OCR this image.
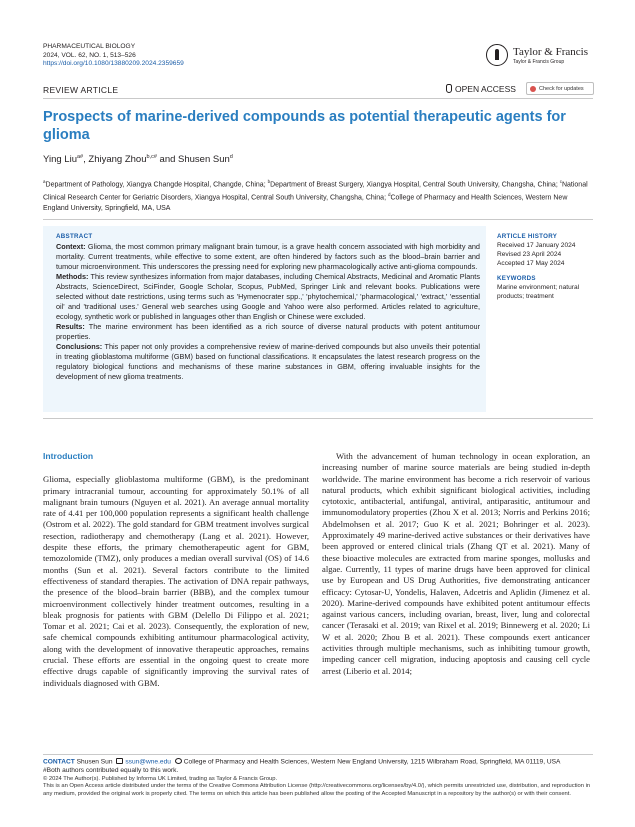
PHARMACEUTICAL BIOLOGY
2024, VOL. 62, NO. 1, 513–526
https://doi.org/10.1080/13880209.2024.2359659
Taylor & Francis
Taylor & Francis Group
REVIEW ARTICLE	OPEN ACCESS	Check for updates
Prospects of marine-derived compounds as potential therapeutic agents for glioma
Ying Liu$^{a\#}$, Zhiyang Zhou$^{b,c\#}$ and Shusen Sun$^d$
$^a$Department of Pathology, Xiangya Changde Hospital, Changde, China; $^b$Department of Breast Surgery, Xiangya Hospital, Central South University, Changsha, China; $^c$National Clinical Research Center for Geriatric Disorders, Xiangya Hospital, Central South University, Changsha, China; $^d$College of Pharmacy and Health Sciences, Western New England University, Springfield, MA, USA
ABSTRACT
Context: Glioma, the most common primary malignant brain tumour, is a grave health concern associated with high morbidity and mortality. Current treatments, while effective to some extent, are often hindered by factors such as the blood–brain barrier and tumour microenvironment. This underscores the pressing need for exploring new pharmacologically active anti-glioma compounds.
Methods: This review synthesizes information from major databases, including Chemical Abstracts, Medicinal and Aromatic Plants Abstracts, ScienceDirect, SciFinder, Google Scholar, Scopus, PubMed, Springer Link and relevant books. Publications were selected without date restrictions, using terms such as 'Hymenocrater spp.,' 'phytochemical,' 'pharmacological,' 'extract,' 'essential oil' and 'traditional uses.' General web searches using Google and Yahoo were also performed. Articles related to agriculture, ecology, synthetic work or published in languages other than English or Chinese were excluded.
Results: The marine environment has been identified as a rich source of diverse natural products with potent antitumour properties.
Conclusions: This paper not only provides a comprehensive review of marine-derived compounds but also unveils their potential in treating glioblastoma multiforme (GBM) based on functional classifications. It encapsulates the latest research progress on the regulatory biological functions and mechanisms of these marine substances in GBM, offering invaluable insights for the development of new glioma treatments.
ARTICLE HISTORY
Received 17 January 2024
Revised 23 April 2024
Accepted 17 May 2024
KEYWORDS
Marine environment; natural products; treatment
Introduction
Glioma, especially glioblastoma multiforme (GBM), is the predominant primary intracranial tumour, accounting for approximately 50.1% of all malignant brain tumours (Nguyen et al. 2021). An average annual mortality rate of 4.41 per 100,000 population represents a significant health challenge (Ostrom et al. 2022). The gold standard for GBM treatment involves surgical resection, radiotherapy and chemotherapy (Lang et al. 2021). However, despite these efforts, the primary chemotherapeutic agent for GBM, temozolomide (TMZ), only produces a median overall survival (OS) of 14.6 months (Sun et al. 2021). Several factors contribute to the limited effectiveness of standard therapies. The activation of DNA repair pathways, the presence of the blood–brain barrier (BBB), and the complex tumour microenvironment collectively hinder treatment outcomes, resulting in a bleak prognosis for patients with GBM (Delello Di Filippo et al. 2021; Tomar et al. 2021; Cai et al. 2023). Consequently, the exploration of new, safe chemical compounds exhibiting antitumour pharmacological activity, along with the development of innovative therapeutic approaches, remains crucial. These efforts are essential in the ongoing quest to create more effective drugs capable of significantly improving the survival rates of individuals diagnosed with GBM.
With the advancement of human technology in ocean exploration, an increasing number of marine source materials are being studied in-depth worldwide. The marine environment has become a rich reservoir of various natural products, which exhibit significant biological activities, including cytotoxic, antibacterial, antifungal, antiviral, antiparasitic, antitumour and immunomodulatory properties (Zhou X et al. 2013; Norris and Perkins 2016; Abdelmohsen et al. 2017; Guo K et al. 2021; Bohringer et al. 2023). Approximately 49 marine-derived active substances or their derivatives have been approved or entered clinical trials (Zhang QT et al. 2021). Many of these bioactive molecules are extracted from marine sponges, mollusks and algae. Currently, 11 types of marine drugs have been approved for clinical use by European and US Drug Authorities, five demonstrating anticancer efficacy: Cytosar-U, Yondelis, Halaven, Adcetris and Aplidin (Jimenez et al. 2020). Marine-derived compounds have exhibited potent antitumour effects against various cancers, including ovarian, breast, liver, lung and colorectal cancer (Terasaki et al. 2019; van Rixel et al. 2019; Binnewerg et al. 2020; Li W et al. 2020; Zhou B et al. 2021). These compounds exert anticancer activities through multiple mechanisms, such as inhibiting tumour growth, impeding cancer cell migration, inducing apoptosis and causing cell cycle arrest (Liberio et al. 2014;
CONTACT Shusen Sun ssun@wne.edu College of Pharmacy and Health Sciences, Western New England University, 1215 Wilbraham Road, Springfield, MA 01119, USA
#Both authors contributed equally to this work.
© 2024 The Author(s). Published by Informa UK Limited, trading as Taylor & Francis Group.
This is an Open Access article distributed under the terms of the Creative Commons Attribution License (http://creativecommons.org/licenses/by/4.0/), which permits unrestricted use, distribution, and reproduction in any medium, provided the original work is properly cited. The terms on which this article has been published allow the posting of the Accepted Manuscript in a repository by the author(s) or with their consent.
